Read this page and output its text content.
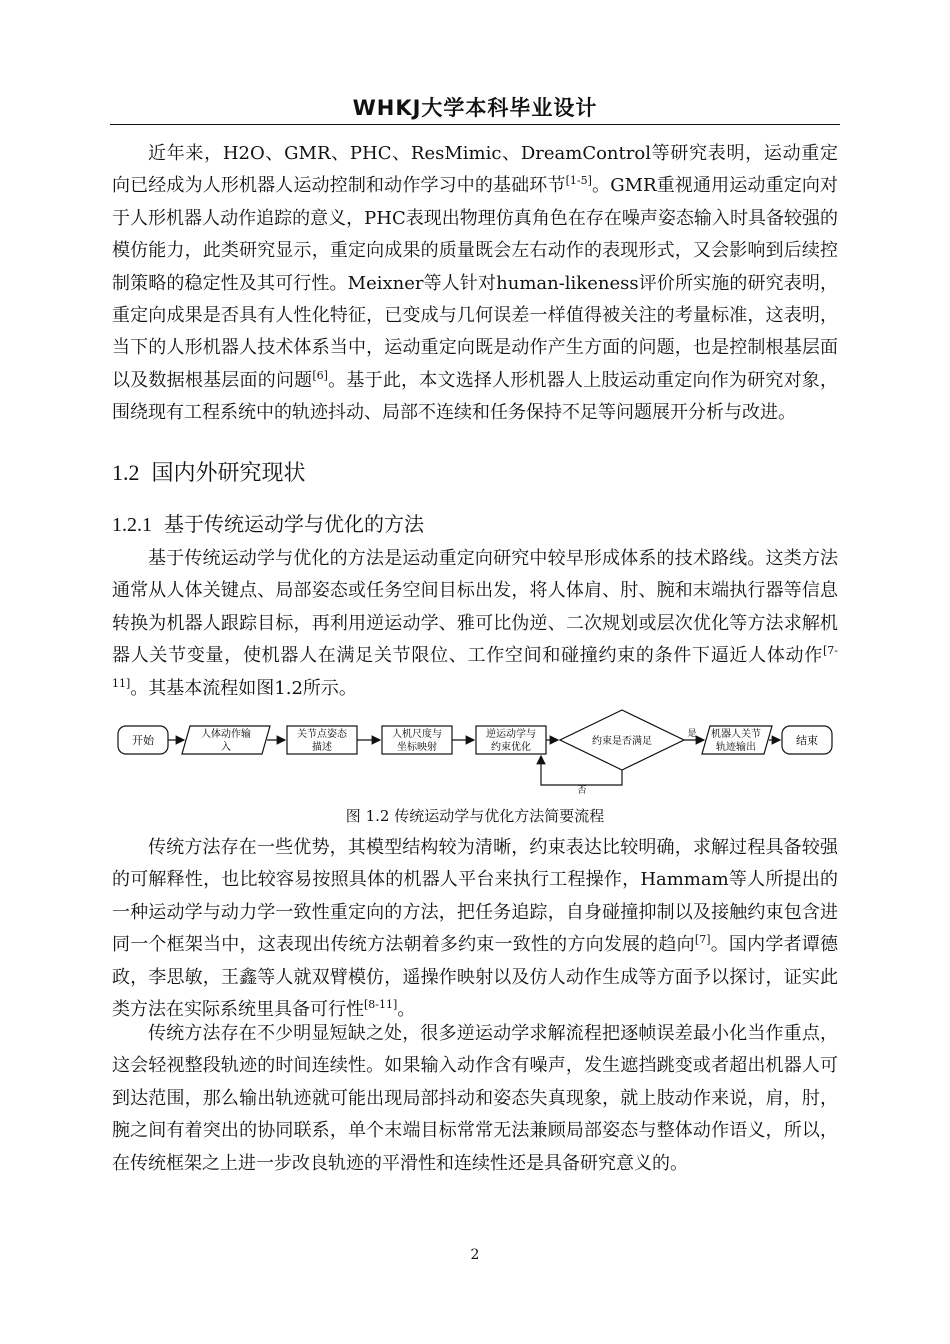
WHKJ大学本科毕业设计

近年来，H2O、GMR、PHC、ResMimic、DreamControl等研究表明，运动重定向已经成为人形机器人运动控制和动作学习中的基础环节[1-5]。GMR重视通用运动重定向对于人形机器人动作追踪的意义，PHC表现出物理仿真角色在存在噪声姿态输入时具备较强的模仿能力，此类研究显示，重定向成果的质量既会左右动作的表现形式，又会影响到后续控制策略的稳定性及其可行性。Meixner等人针对human-likeness评价所实施的研究表明，重定向成果是否具有人性化特征，已变成与几何误差一样值得被关注的考量标准，这表明，当下的人形机器人技术体系当中，运动重定向既是动作产生方面的问题，也是控制根基层面以及数据根基层面的问题[6]。基于此，本文选择人形机器人上肢运动重定向作为研究对象，围绕现有工程系统中的轨迹抖动、局部不连续和任务保持不足等问题展开分析与改进。

1.2 国内外研究现状
1.2.1 基于传统运动学与优化的方法

基于传统运动学与优化的方法是运动重定向研究中较早形成体系的技术路线。这类方法通常从人体关键点、局部姿态或任务空间目标出发，将人体肩、肘、腕和末端执行器等信息转换为机器人跟踪目标，再利用逆运动学、雅可比伪逆、二次规划或层次优化等方法求解机器人关节变量，使机器人在满足关节限位、工作空间和碰撞约束的条件下逼近人体动作[7-11]。其基本流程如图1.2所示。

开始	人体动作输
入
关节点姿态
描述
人机尺度与
坐标映射
逆运动学与
约束优化
约束是否满足
机器人关节
轨迹输出
结束
是
否
图 1.2 传统运动学与优化方法简要流程

传统方法存在一些优势，其模型结构较为清晰，约束表达比较明确，求解过程具备较强的可解释性，也比较容易按照具体的机器人平台来执行工程操作，Hammam等人所提出的一种运动学与动力学一致性重定向的方法，把任务追踪，自身碰撞抑制以及接触约束包含进同一个框架当中，这表现出传统方法朝着多约束一致性的方向发展的趋向[7]。国内学者谭德政，李思敏，王鑫等人就双臂模仿，遥操作映射以及仿人动作生成等方面予以探讨，证实此类方法在实际系统里具备可行性[8-11]。

传统方法存在不少明显短缺之处，很多逆运动学求解流程把逐帧误差最小化当作重点，这会轻视整段轨迹的时间连续性。如果输入动作含有噪声，发生遮挡跳变或者超出机器人可到达范围，那么输出轨迹就可能出现局部抖动和姿态失真现象，就上肢动作来说，肩，肘，腕之间有着突出的协同联系，单个末端目标常常无法兼顾局部姿态与整体动作语义，所以，在传统框架之上进一步改良轨迹的平滑性和连续性还是具备研究意义的。

2
